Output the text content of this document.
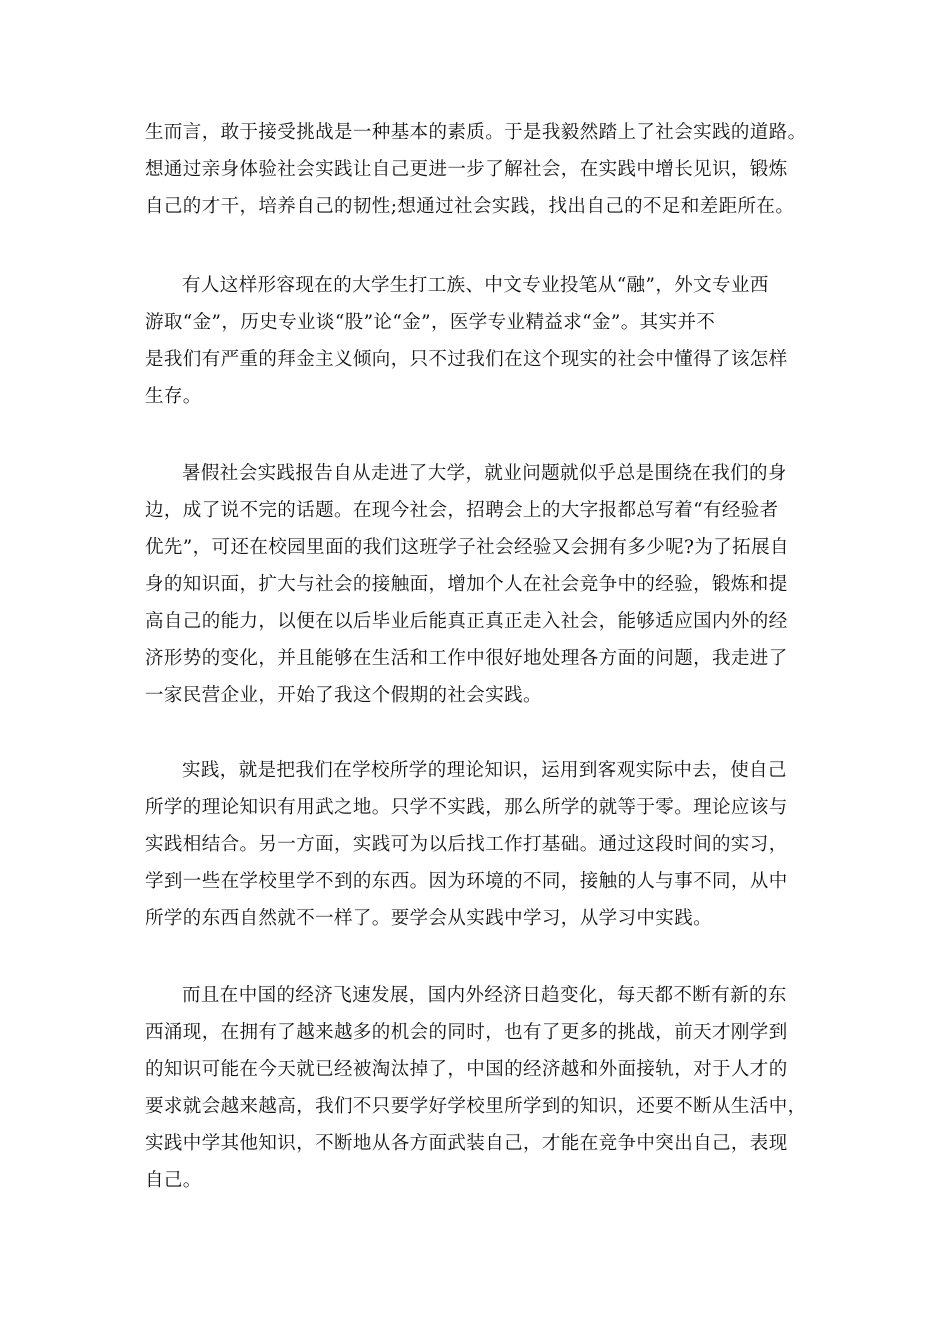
生而言，敢于接受挑战是一种基本的素质。于是我毅然踏上了社会实践的道路。
想通过亲身体验社会实践让自己更进一步了解社会，在实践中增长见识，锻炼
自己的才干，培养自己的韧性;想通过社会实践，找出自己的不足和差距所在。
有人这样形容现在的大学生打工族、中文专业投笔从“融”，外文专业西
游取“金”，历史专业谈“股”论“金”，医学专业精益求“金”。其实并不
是我们有严重的拜金主义倾向，只不过我们在这个现实的社会中懂得了该怎样
生存。
暑假社会实践报告自从走进了大学，就业问题就似乎总是围绕在我们的身
边，成了说不完的话题。在现今社会，招聘会上的大字报都总写着“有经验者
优先”，可还在校园里面的我们这班学子社会经验又会拥有多少呢?为了拓展自
身的知识面，扩大与社会的接触面，增加个人在社会竞争中的经验，锻炼和提
高自己的能力，以便在以后毕业后能真正真正走入社会，能够适应国内外的经
济形势的变化，并且能够在生活和工作中很好地处理各方面的问题，我走进了
一家民营企业，开始了我这个假期的社会实践。
实践，就是把我们在学校所学的理论知识，运用到客观实际中去，使自己
所学的理论知识有用武之地。只学不实践，那么所学的就等于零。理论应该与
实践相结合。另一方面，实践可为以后找工作打基础。通过这段时间的实习，
学到一些在学校里学不到的东西。因为环境的不同，接触的人与事不同，从中
所学的东西自然就不一样了。要学会从实践中学习，从学习中实践。
而且在中国的经济飞速发展，国内外经济日趋变化，每天都不断有新的东
西涌现，在拥有了越来越多的机会的同时，也有了更多的挑战，前天才刚学到
的知识可能在今天就已经被淘汰掉了，中国的经济越和外面接轨，对于人才的
要求就会越来越高，我们不只要学好学校里所学到的知识，还要不断从生活中，
实践中学其他知识，不断地从各方面武装自己，才能在竞争中突出自己，表现
自己。
